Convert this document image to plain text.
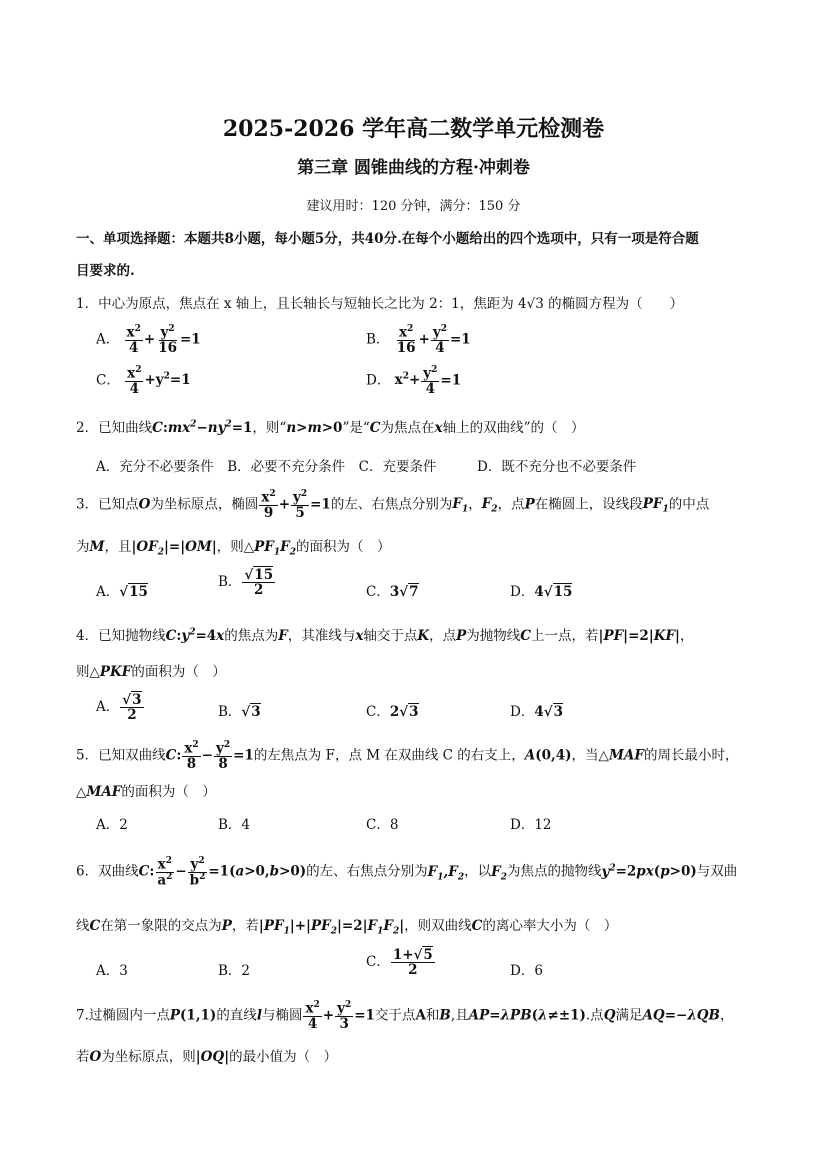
2025-2026 学年高二数学单元检测卷
第三章 圆锥曲线的方程·冲刺卷
建议用时：120 分钟，满分：150 分
一、单项选择题：本题共8小题，每小题5分，共40分.在每个小题给出的四个选项中，只有一项是符合题
目要求的.
1．中心为原点，焦点在 x 轴上，且长轴长与短轴长之比为 2：1，焦距为 4√3 的椭圆方程为（　　）
A． $\frac{x^2}{4} + \frac{y^2}{16} =1$	B． $\frac{x^2}{16} + \frac{y^2}{4} =1$
C． $\frac{x^2}{4} +y^2=1$	D． $x^2+ \frac{y^2}{4} =1$
2．已知曲线$C:mx^2-ny^2=1$，则“n>m>0”是“C为焦点在x轴上的双曲线”的（　）
A．充分不必要条件　B．必要不充分条件　C．充要条件　　　D．既不充分也不必要条件
3．已知点O为坐标原点，椭圆 $\frac{x^2}{9} + \frac{y^2}{5} =1$的左、右焦点分别为$F_1$，$F_2$，点P在椭圆上，设线段$PF_1$的中点
为M，且$|OF_2|=|OM|$，则$\triangle PF_1F_2$的面积为（　）
A．√15
B． $\frac{√15}{2}$	C．3√7	D．4√15
4．已知抛物线$C:y^2=4x$的焦点为F，其准线与x轴交于点K，点P为抛物线C上一点，若|PF|=2|KF|，
则△PKF的面积为（　）
A． $\frac{√3}{2}$	B．√3	C．2√3	D．4√3
5．已知双曲线C: $\frac{x^2}{8} - \frac{y^2}{8} =1$的左焦点为 F，点 M 在双曲线 C 的右支上，A(0,4)，当△MAF的周长最小时，
△MAF的面积为（　）
A．2	B．4	C．8	D．12
6．双曲线C: $\frac{x^2}{a^2} - \frac{y^2}{b^2} =1(a>0,b>0)$的左、右焦点分别为$F_1,F_2$，以$F_2$为焦点的抛物线$y^2=2px(p>0)$与双曲
线C在第一象限的交点为P，若$|PF_1|+|PF_2|=2|F_1F_2|$，则双曲线C的离心率大小为（　）
A．3	B．2
C． $\frac{1+√5}{2}$	D．6
7.过椭圆内一点P(1,1)的直线l与椭圆 $\frac{x^2}{4} + \frac{y^2}{3} =1$交于点A和B,且AP=λPB(λ≠±1).点Q满足AQ=−λQB，
若O为坐标原点，则|OQ|的最小值为（　）
